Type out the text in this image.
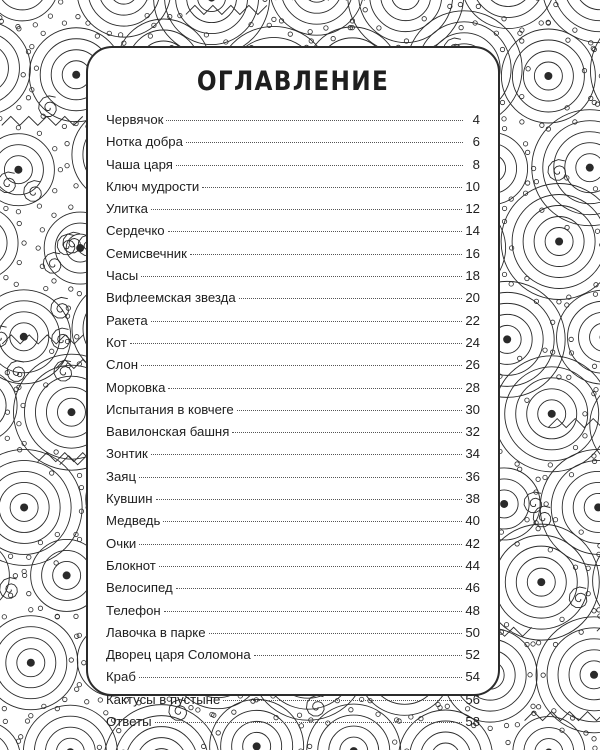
ОГЛАВЛЕНИЕ
Червячок	4
Нотка добра	6
Чаша царя	8
Ключ мудрости	10
Улитка	12
Сердечко	14
Семисвечник	16
Часы	18
Вифлеемская звезда	20
Ракета	22
Кот	24
Слон	26
Морковка	28
Испытания в ковчеге	30
Вавилонская башня	32
Зонтик	34
Заяц	36
Кувшин	38
Медведь	40
Очки	42
Блокнот	44
Велосипед	46
Телефон	48
Лавочка в парке	50
Дворец царя Соломона	52
Краб	54
Кактусы в пустыне	56
Ответы	58
